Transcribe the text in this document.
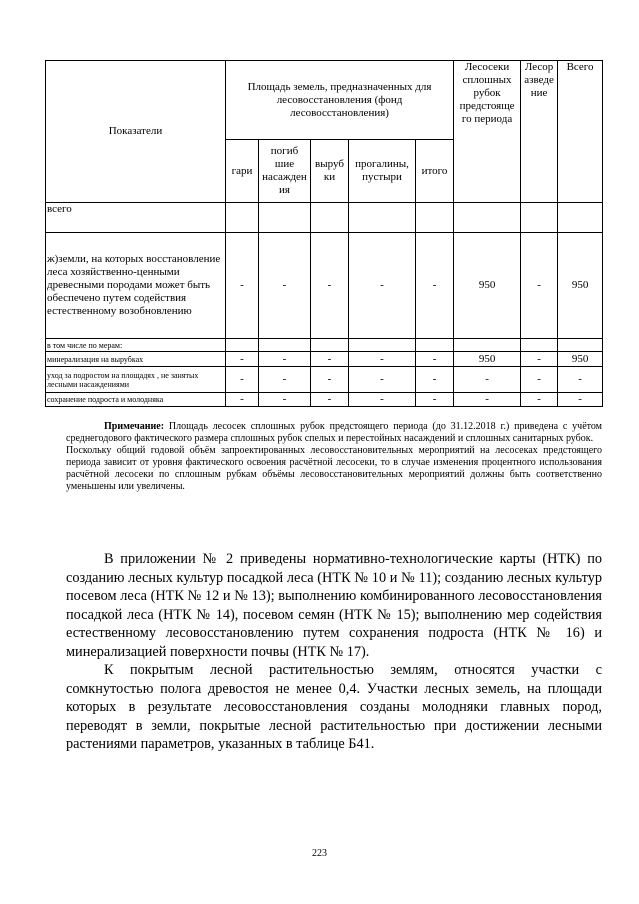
Показатели	Площадь земель, предназначенных для лесовосстановления (фонд лесовосстановления)					Лесосеки сплошных рубок предстояще го периода	Лесор азведе ние	Всего
	гари	погиб шие насажден ия	выруб ки	прогалины, пустыри	итого			
всего								
ж)земли, на которых восстановление леса хозяйственно-ценными древесными породами может быть обеспечено путем содействия естественному возобновлению	-	-	-	-	-	950	-	950
в том числе по мерам:								
минерализация на вырубках	-	-	-	-	-	950	-	950
уход за подростом на площадях , не занятых лесными насаждениями	-	-	-	-	-	-	-	-
сохранение подроста и молодняка	-	-	-	-	-	-	-	-

Примечание: Площадь лесосек сплошных рубок предстоящего периода (до 31.12.2018 г.) приведена с учётом среднегодового фактического размера сплошных рубок спелых и перестойных насаждений и сплошных санитарных рубок.

Поскольку общий годовой объём запроектированных лесовосстановительных мероприятий на лесосеках предстоящего периода зависит от уровня фактического освоения расчётной лесосеки, то в случае изменения процентного использования расчётной лесосеки по сплошным рубкам объёмы лесовосстановительных мероприятий должны быть соответственно уменьшены или увеличены.

В приложении № 2 приведены нормативно-технологические карты (НТК) по созданию лесных культур посадкой леса (НТК № 10 и № 11); созданию лесных культур посевом леса (НТК № 12 и № 13); выполнению комбинированного лесовосстановления посадкой леса (НТК № 14), посевом семян (НТК № 15); выполнению мер содействия естественному лесовосстановлению путем сохранения подроста (НТК № 16) и минерализацией поверхности почвы (НТК № 17).

К покрытым лесной растительностью землям, относятся участки с сомкнутостью полога древостоя не менее 0,4. Участки лесных земель, на площади которых в результате лесовосстановления созданы молодняки главных пород, переводят в земли, покрытые лесной растительностью при достижении лесными растениями параметров, указанных в таблице Б41.

223
